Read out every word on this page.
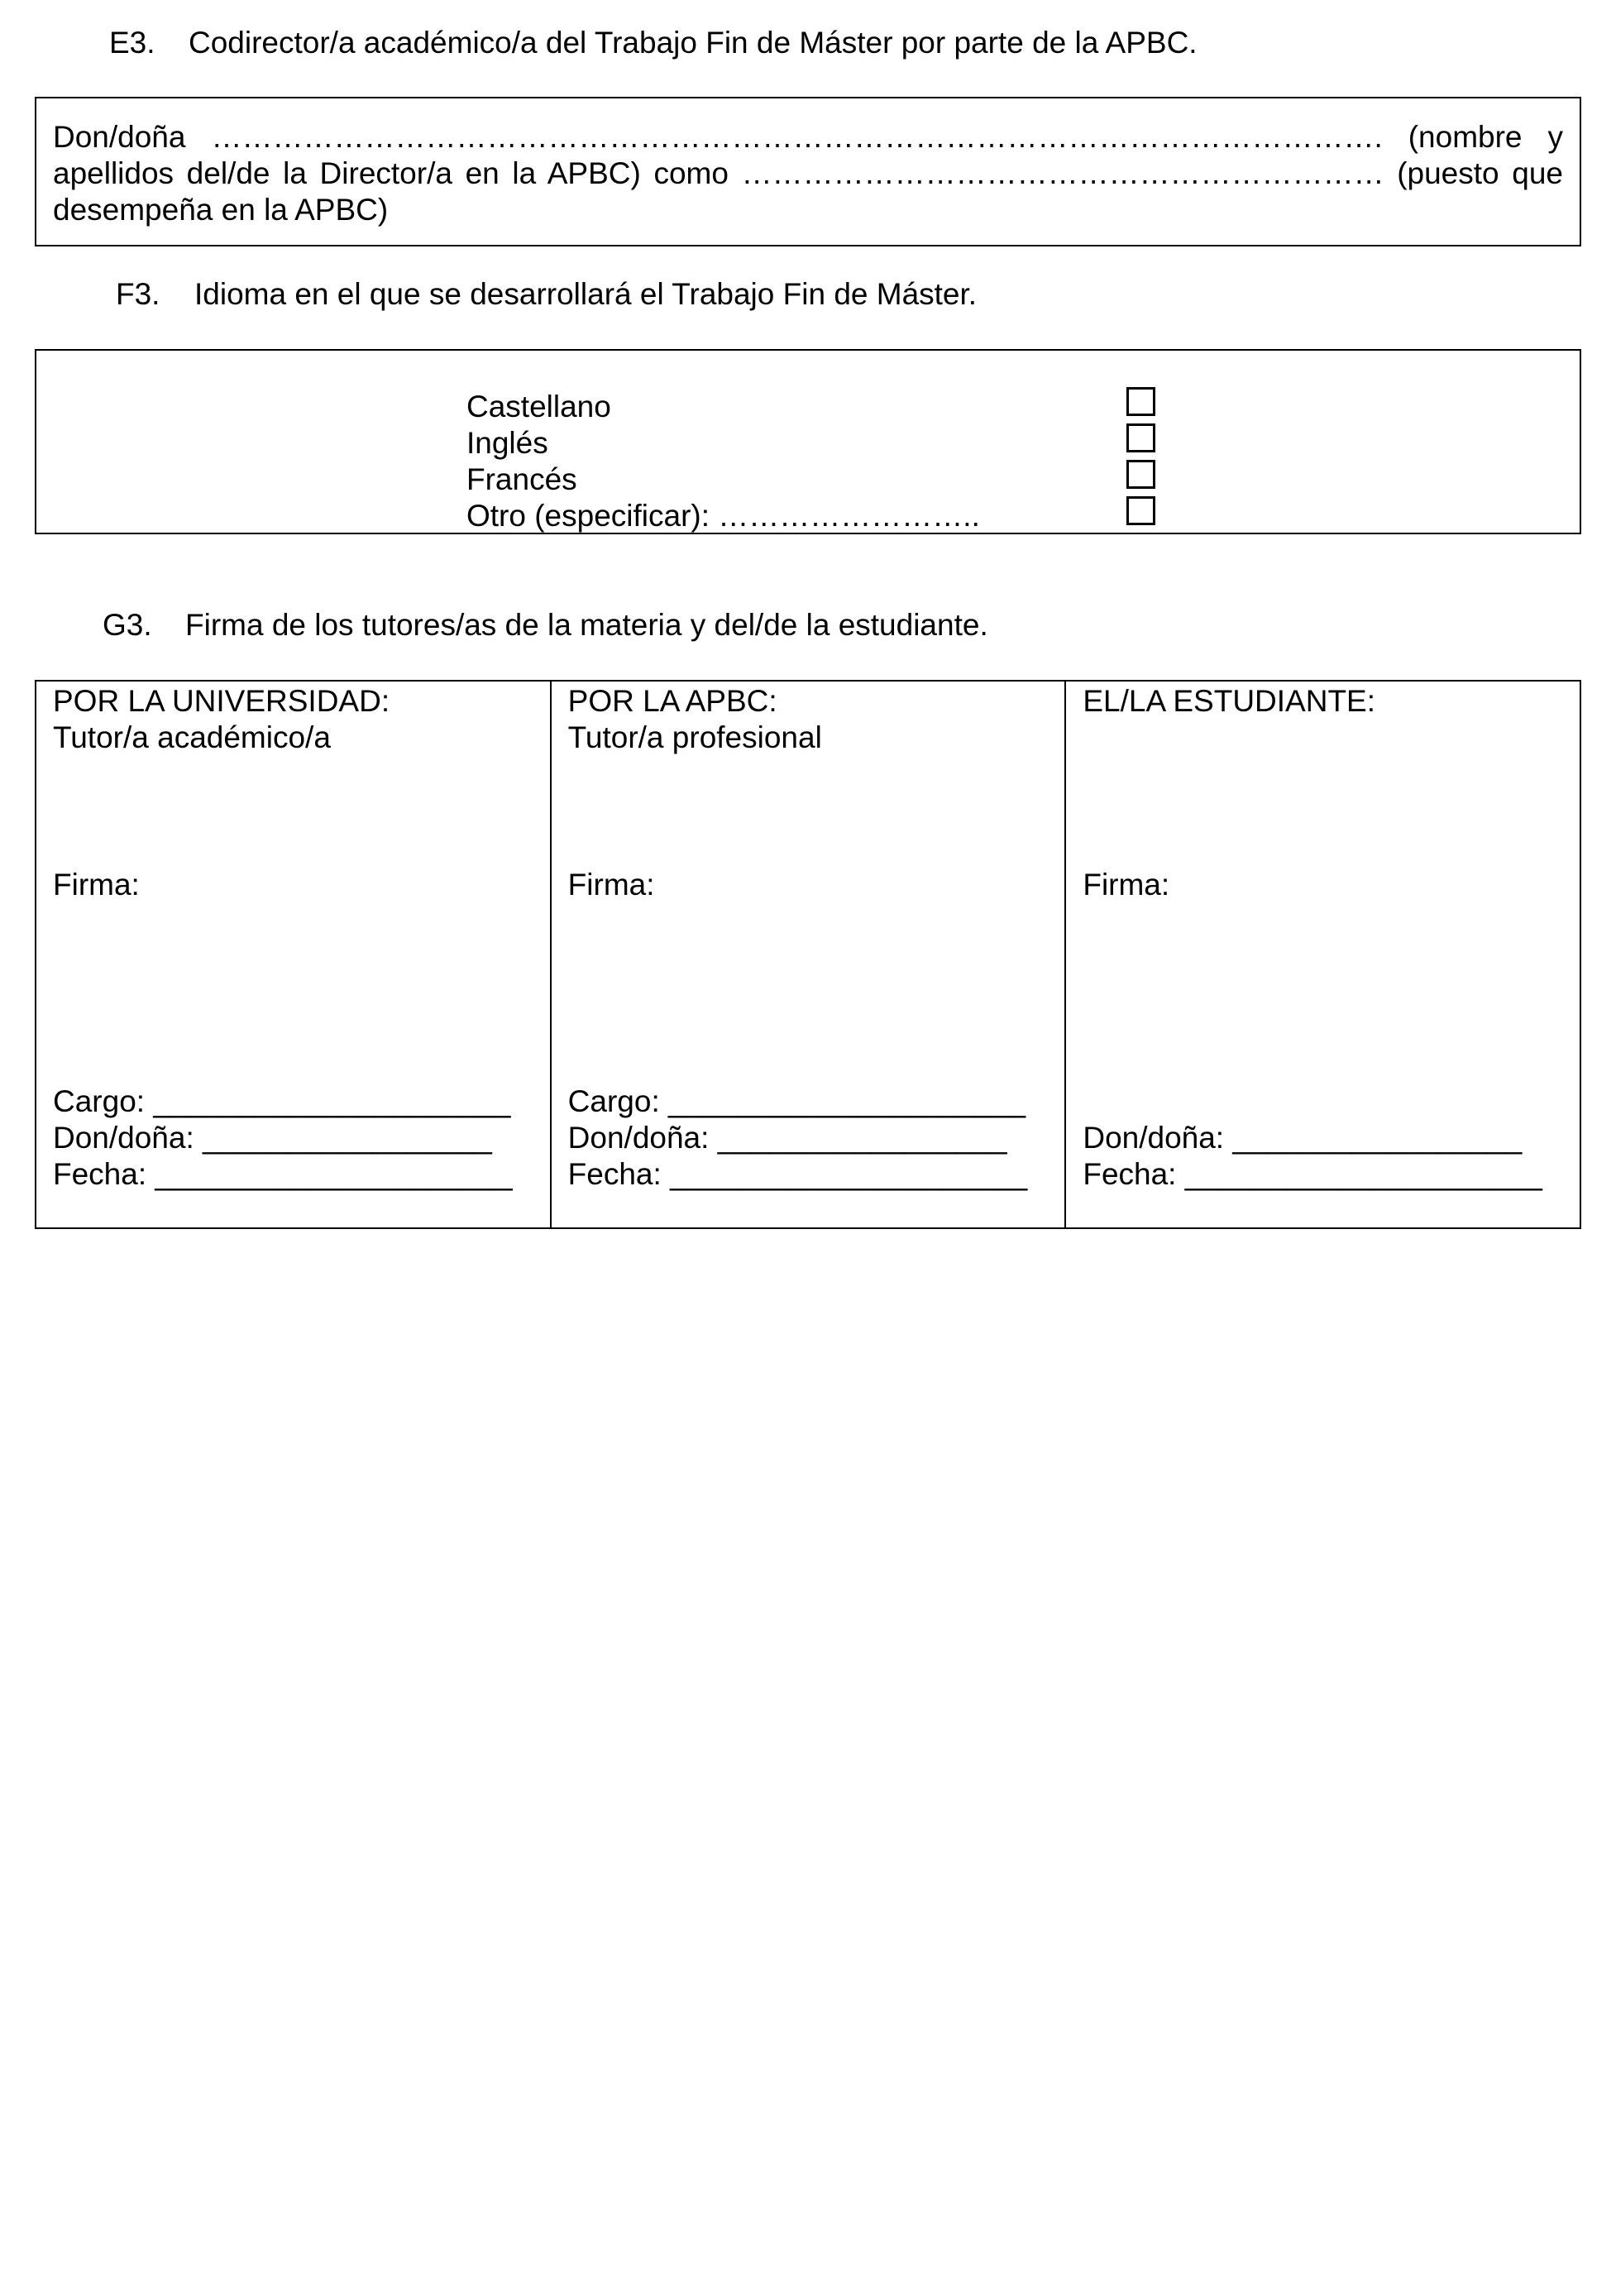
E3. Codirector/a académico/a del Trabajo Fin de Máster por parte de la APBC.
Don/doña ……………………………………………………………………………………………………. (nombre y apellidos del/de la Director/a en la APBC) como ……………………………………………………… (puesto que desempeña en la APBC)
F3. Idioma en el que se desarrollará el Trabajo Fin de Máster.
Castellano
Inglés
Francés
Otro (especificar): ……………………..
G3. Firma de los tutores/as de la materia y del/de la estudiante.
POR LA UNIVERSIDAD:
Tutor/a académico/a
Firma:
Cargo: _____________________
Don/doña: _________________
Fecha: _____________________
POR LA APBC:
Tutor/a profesional
Firma:
Cargo: _____________________
Don/doña: _________________
Fecha: _____________________
EL/LA ESTUDIANTE:
Firma:
Don/doña: _________________
Fecha: _____________________
